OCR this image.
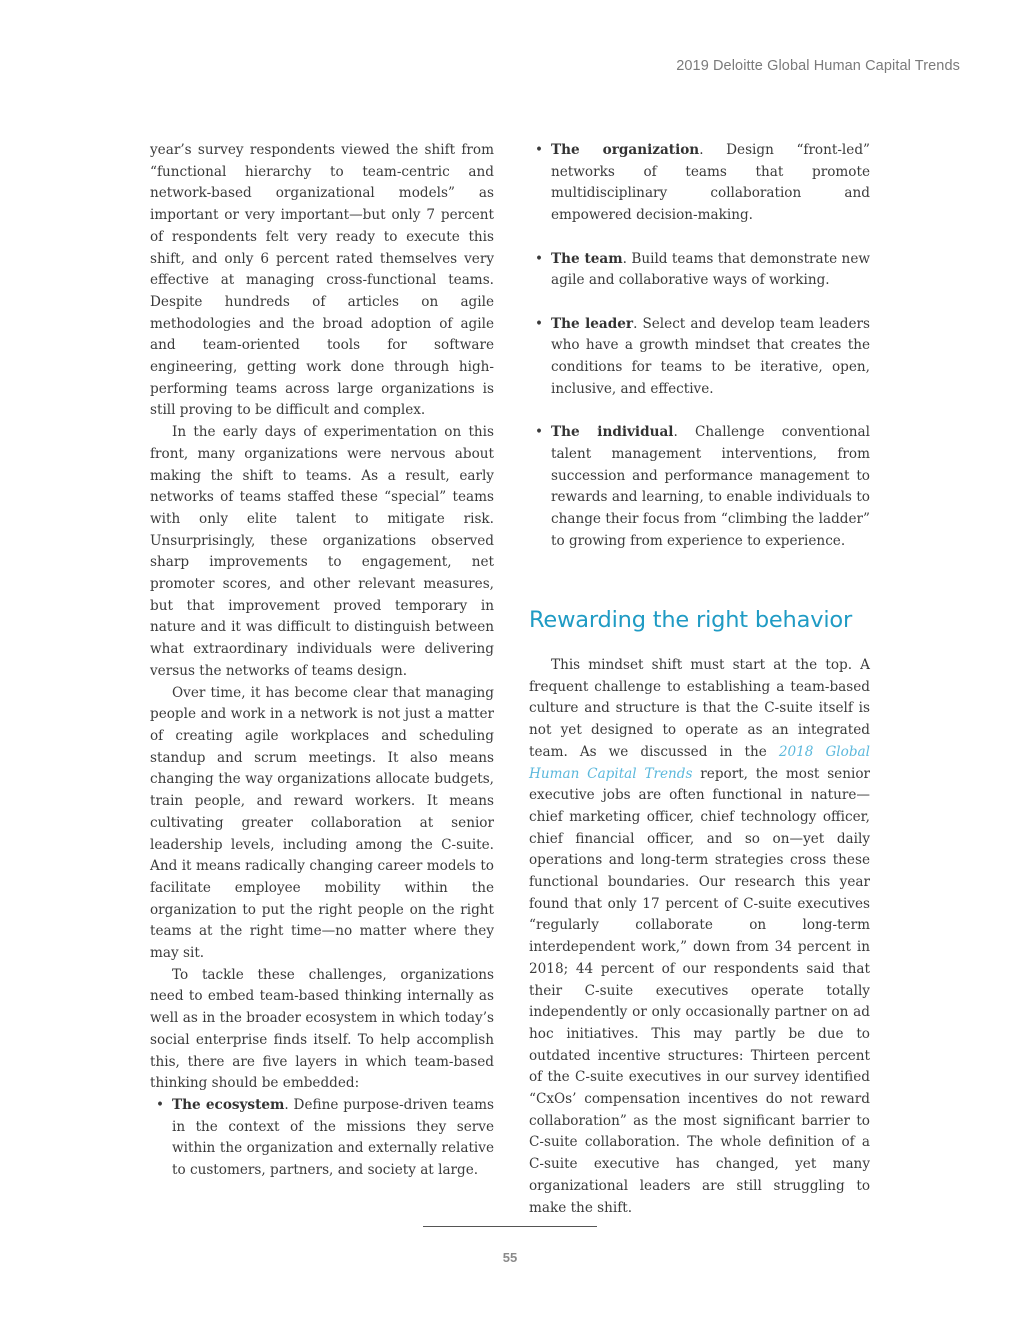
2019 Deloitte Global Human Capital Trends

year’s survey respondents viewed the shift from “functional hierarchy to team-centric and network-based organizational models” as important or very important—but only 7 percent of respondents felt very ready to execute this shift, and only 6 percent rated themselves very effective at managing cross-functional teams. Despite hundreds of articles on agile methodologies and the broad adoption of agile and team-oriented tools for software engineering, getting work done through high-performing teams across large organizations is still proving to be difficult and complex.

In the early days of experimentation on this front, many organizations were nervous about making the shift to teams. As a result, early networks of teams staffed these “special” teams with only elite talent to mitigate risk. Unsurprisingly, these organizations observed sharp improvements to engagement, net promoter scores, and other relevant measures, but that improvement proved temporary in nature and it was difficult to distinguish between what extraordinary individuals were delivering versus the networks of teams design.

Over time, it has become clear that managing people and work in a network is not just a matter of creating agile workplaces and scheduling standup and scrum meetings. It also means changing the way organizations allocate budgets, train people, and reward workers. It means cultivating greater collaboration at senior leadership levels, including among the C-suite. And it means radically changing career models to facilitate employee mobility within the organization to put the right people on the right teams at the right time—no matter where they may sit.

To tackle these challenges, organizations need to embed team-based thinking internally as well as in the broader ecosystem in which today’s social enterprise finds itself. To help accomplish this, there are five layers in which team-based thinking should be embedded:

• The ecosystem. Define purpose-driven teams in the context of the missions they serve within the organization and externally relative to customers, partners, and society at large.
• The organization. Design “front-led” networks of teams that promote multidisciplinary collaboration and empowered decision-making.
• The team. Build teams that demonstrate new agile and collaborative ways of working.
• The leader. Select and develop team leaders who have a growth mindset that creates the conditions for teams to be iterative, open, inclusive, and effective.
• The individual. Challenge conventional talent management interventions, from succession and performance management to rewards and learning, to enable individuals to change their focus from “climbing the ladder” to growing from experience to experience.
Rewarding the right behavior

This mindset shift must start at the top. A frequent challenge to establishing a team-based culture and structure is that the C-suite itself is not yet designed to operate as an integrated team. As we discussed in the 2018 Global Human Capital Trends report, the most senior executive jobs are often functional in nature—chief marketing officer, chief technology officer, chief financial officer, and so on—yet daily operations and long-term strategies cross these functional boundaries. Our research this year found that only 17 percent of C-suite executives “regularly collaborate on long-term interdependent work,” down from 34 percent in 2018; 44 percent of our respondents said that their C-suite executives operate totally independently or only occasionally partner on ad hoc initiatives. This may partly be due to outdated incentive structures: Thirteen percent of the C-suite executives in our survey identified “CxOs’ compensation incentives do not reward collaboration” as the most significant barrier to C-suite collaboration. The whole definition of a C-suite executive has changed, yet many organizational leaders are still struggling to make the shift.

55
